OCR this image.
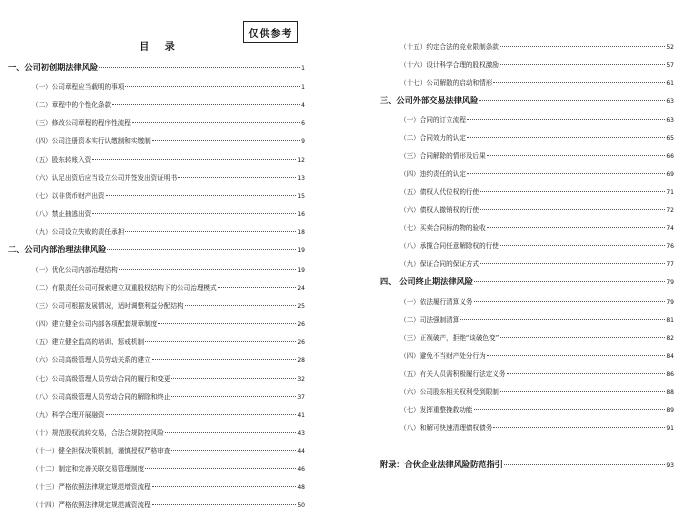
仅供参考
目 录
一、公司初创期法律风险	1
（一）公司章程应当载明的事项	1
（二）章程中的个性化条款	4
（三）修改公司章程的程序性流程	6
（四）公司注册资本实行认缴制和实缴制	9
（五）股东转账入资	12
（六）认足出资后应当设立公司并签发出资证明书	13
（七）以非货币财产出资	15
（八）禁止抽逃出资	16
（九）公司设立失败的责任承担	18
二、公司内部治理法律风险	19
（一）优化公司内部治理结构	19
（二）有限责任公司可探索建立双重股权结构下的公司治理模式	24
（三）公司可根据发展情况，适时调整利益分配结构	25
（四）建立健全公司内部各项配套规章制度	26
（五）建立健全监高的培训、惩戒机制	26
（六）公司高级管理人员劳动关系的建立	28
（七）公司高级管理人员劳动合同的履行和变更	32
（八）公司高级管理人员劳动合同的解除和终止	37
（九）科学合理开展融资	41
（十）规范股权流转交易，合法合规防控风险	43
（十一）健全担保决策机制，谨慎授权严格审查	44
（十二）制定和完善关联交易管理制度	46
（十三）严格依照法律规定规范增资流程	48
（十四）严格依照法律规定规范减资流程	50
（十五）约定合法的竞业限制条款	52
（十六）设计科学合理的股权激励	57
（十七）公司解散的启动和情形	61
三、公司外部交易法律风险	63
（一）合同的订立流程	63
（二）合同效力的认定	65
（三）合同解除的情形及后果	66
（四）违约责任的认定	69
（五）债权人代位权的行使	71
（六）债权人撤销权的行使	72
（七）买卖合同标的物的验收	74
（八）承揽合同任意解除权的行使	76
（九）保证合同的保证方式	77
四、 公司终止期法律风险	79
（一）依法履行清算义务	79
（二）司法强制清算	81
（三）正视破产，拒绝“谈破色变”	82
（四）避免不当财产处分行为	84
（五）有关人员需积极履行法定义务	86
（六）公司股东相关权利受到限制	88
（七）发挥重整挽救功能	89
（八）和解可快速清理债权债务	91
附录：合伙企业法律风险防范指引	93
